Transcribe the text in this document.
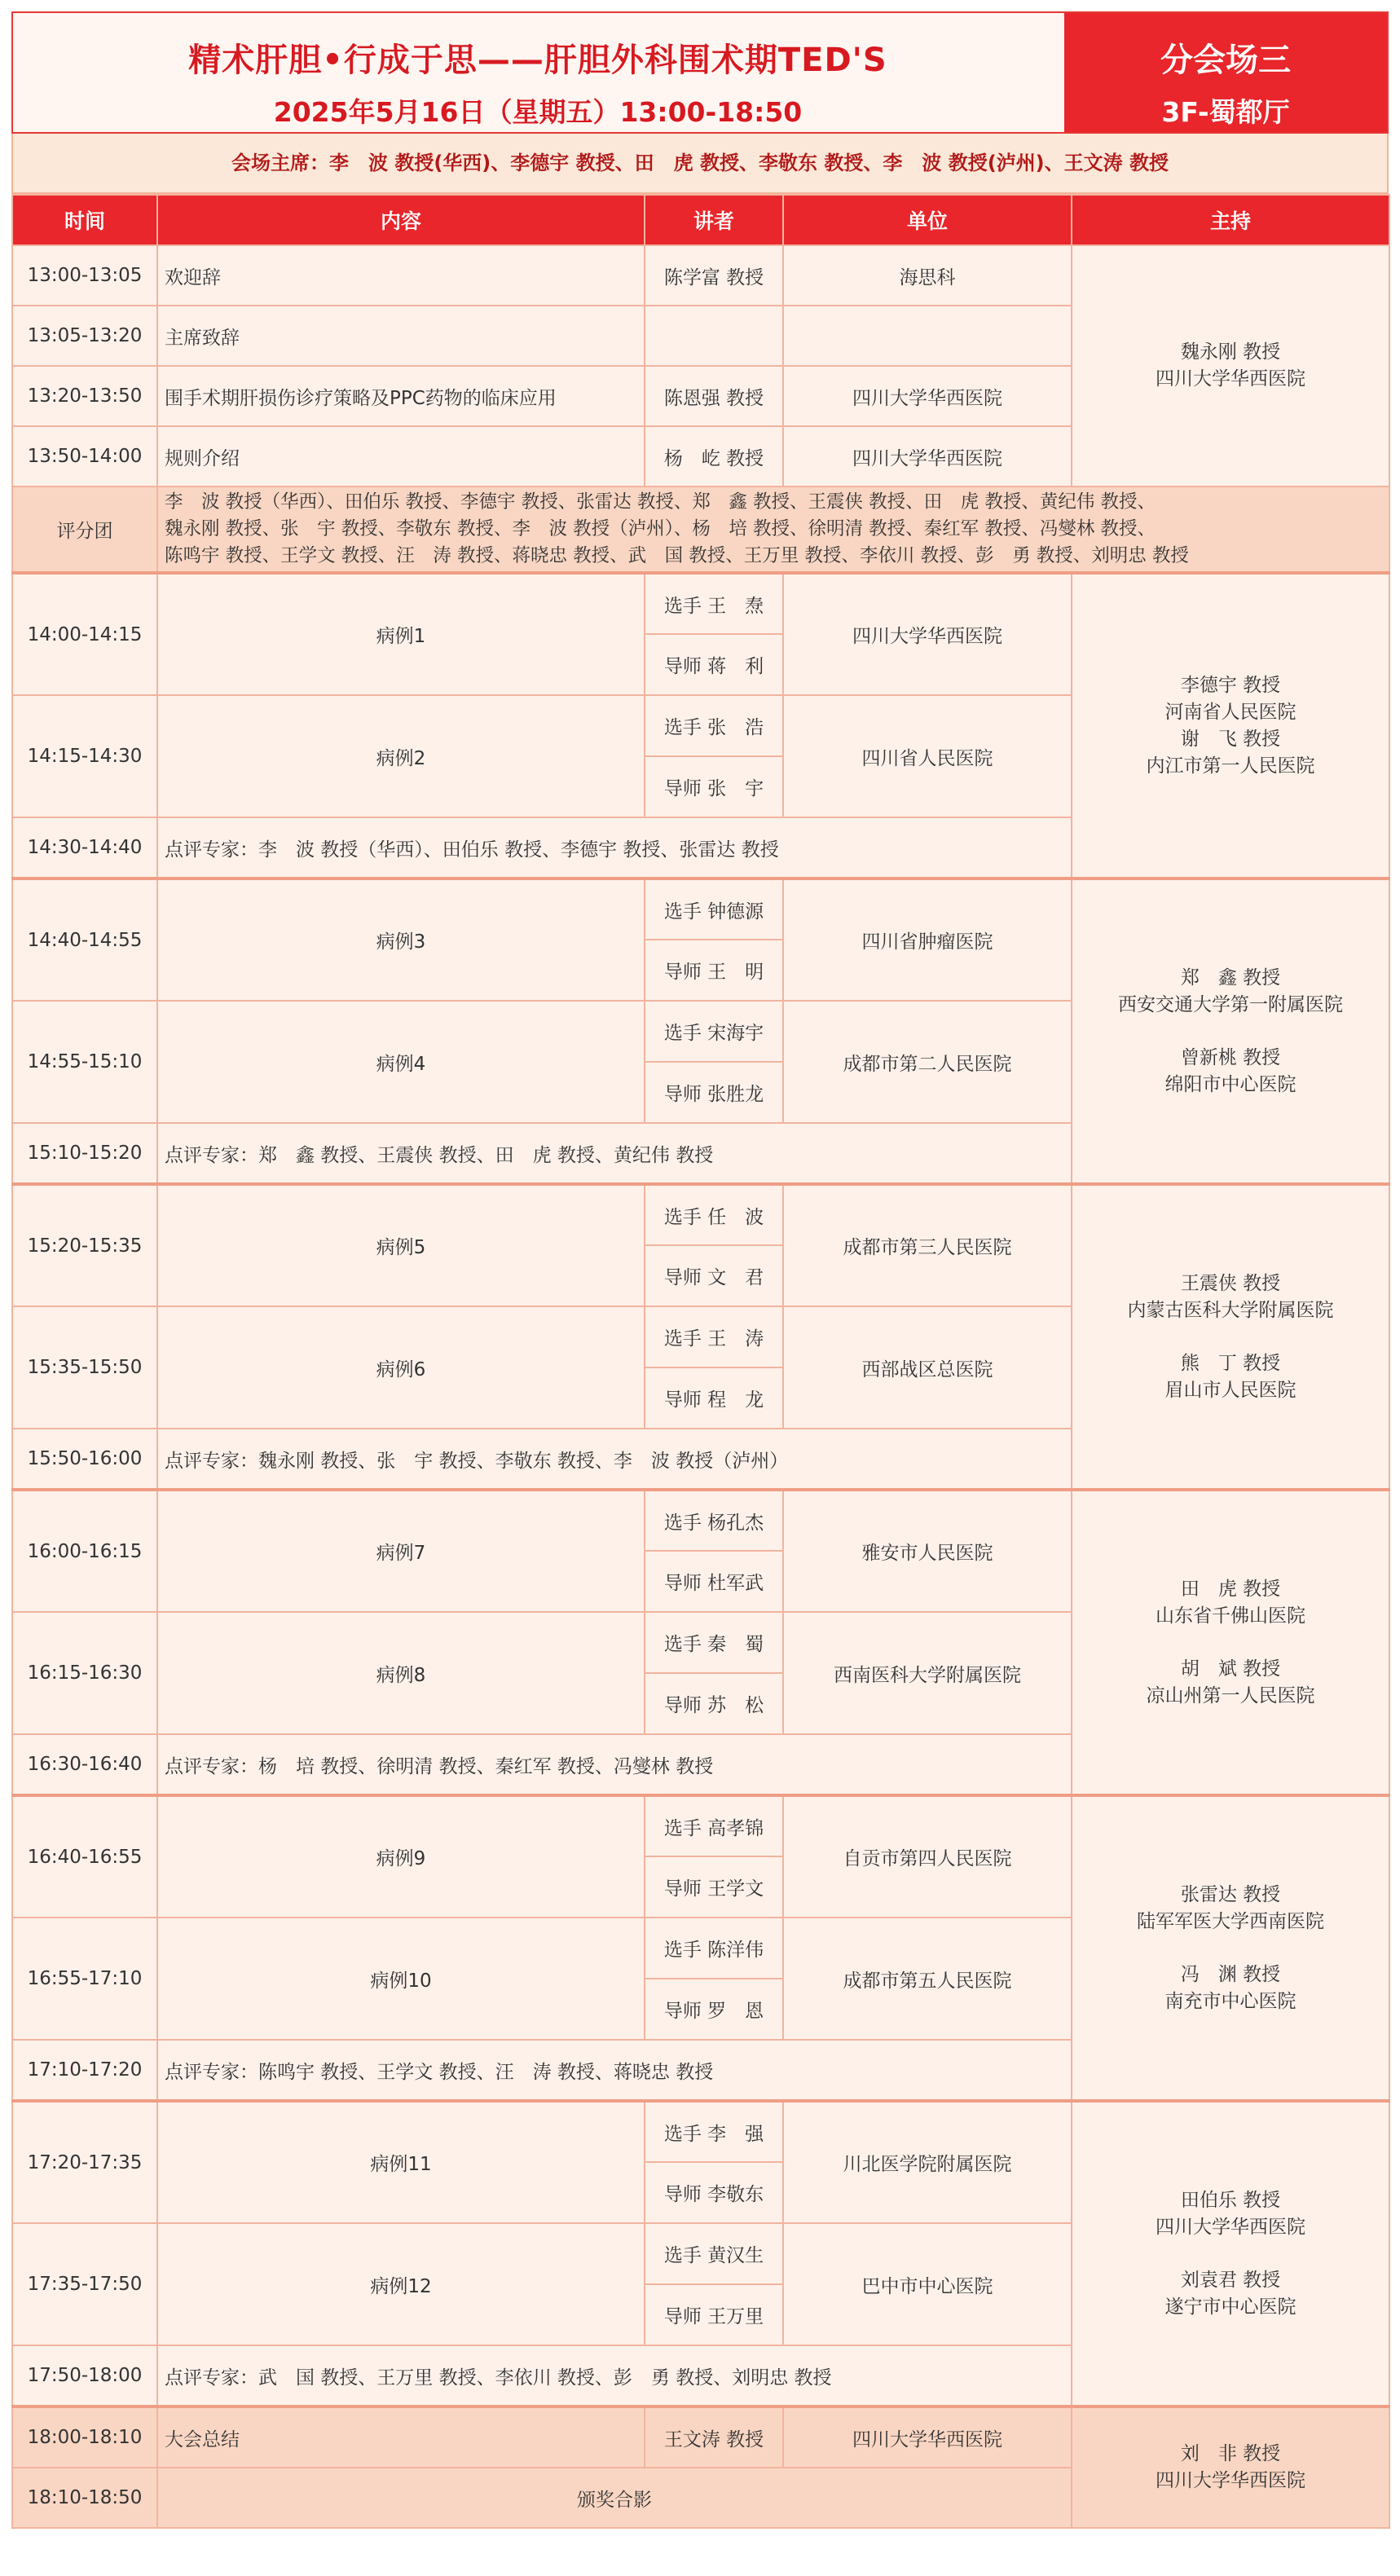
精术肝胆•行成于思——肝胆外科围术期TED'S
2025年5月16日（星期五）13:00-18:50
分会场三
3F-蜀都厅
会场主席：李　波 教授(华西)、李德宇 教授、田　虎 教授、李敬东 教授、李　波 教授(泸州)、王文涛 教授
时间	内容	讲者	单位	主持
13:00-13:05	欢迎辞	陈学富 教授	海思科	魏永刚 教授
四川大学华西医院

13:05-13:20	主席致辞			
13:20-13:50	围手术期肝损伤诊疗策略及PPC药物的临床应用	陈恩强 教授	四川大学华西医院	
13:50-14:00	规则介绍	杨　屹 教授	四川大学华西医院	
评分团	李　波 教授（华西）、田伯乐 教授、李德宇 教授、张雷达 教授、郑　鑫 教授、王震侠 教授、田　虎 教授、黄纪伟 教授、
魏永刚 教授、张　宇 教授、李敬东 教授、李　波 教授（泸州）、杨　培 教授、徐明清 教授、秦红军 教授、冯燮林 教授、
陈鸣宇 教授、王学文 教授、汪　涛 教授、蒋晓忠 教授、武　国 教授、王万里 教授、李依川 教授、彭　勇 教授、刘明忠 教授			

14:00-14:15	病例1	选手 王　焘	四川大学华西医院	李德宇 教授
河南省人民医院
谢　飞 教授
内江市第一人民医院

		导师 蒋　利		
14:15-14:30	病例2	选手 张　浩	四川省人民医院	
		导师 张　宇		
14:30-14:40	点评专家：李　波 教授（华西）、田伯乐 教授、李德宇 教授、张雷达 教授			
14:40-14:55	病例3	选手 钟德源	四川省肿瘤医院	郑　鑫 教授
西安交通大学第一附属医院
曾新桃 教授
绵阳市中心医院

		导师 王　明		
14:55-15:10	病例4	选手 宋海宇	成都市第二人民医院	
		导师 张胜龙		
15:10-15:20	点评专家：郑　鑫 教授、王震侠 教授、田　虎 教授、黄纪伟 教授			
15:20-15:35	病例5	选手 任　波	成都市第三人民医院	王震侠 教授
内蒙古医科大学附属医院
熊　丁 教授
眉山市人民医院

		导师 文　君		
15:35-15:50	病例6	选手 王　涛	西部战区总医院	
		导师 程　龙		
15:50-16:00	点评专家：魏永刚 教授、张　宇 教授、李敬东 教授、李　波 教授（泸州）			
16:00-16:15	病例7	选手 杨孔杰	雅安市人民医院	田　虎 教授
山东省千佛山医院
胡　斌 教授
凉山州第一人民医院

		导师 杜军武		
16:15-16:30	病例8	选手 秦　蜀	西南医科大学附属医院	
		导师 苏　松		
16:30-16:40	点评专家：杨　培 教授、徐明清 教授、秦红军 教授、冯燮林 教授			
16:40-16:55	病例9	选手 高孝锦	自贡市第四人民医院	张雷达 教授
陆军军医大学西南医院
冯　渊 教授
南充市中心医院

		导师 王学文		
16:55-17:10	病例10	选手 陈洋伟	成都市第五人民医院	
		导师 罗　恩		
17:10-17:20	点评专家：陈鸣宇 教授、王学文 教授、汪　涛 教授、蒋晓忠 教授			
17:20-17:35	病例11	选手 李　强	川北医学院附属医院	田伯乐 教授
四川大学华西医院
刘袁君 教授
遂宁市中心医院

		导师 李敬东		
17:35-17:50	病例12	选手 黄汉生	巴中市中心医院	
		导师 王万里		
17:50-18:00	点评专家：武　国 教授、王万里 教授、李依川 教授、彭　勇 教授、刘明忠 教授			
18:00-18:10	大会总结	王文涛 教授	四川大学华西医院	刘　非 教授
四川大学华西医院

18:10-18:50	颁奖合影			
